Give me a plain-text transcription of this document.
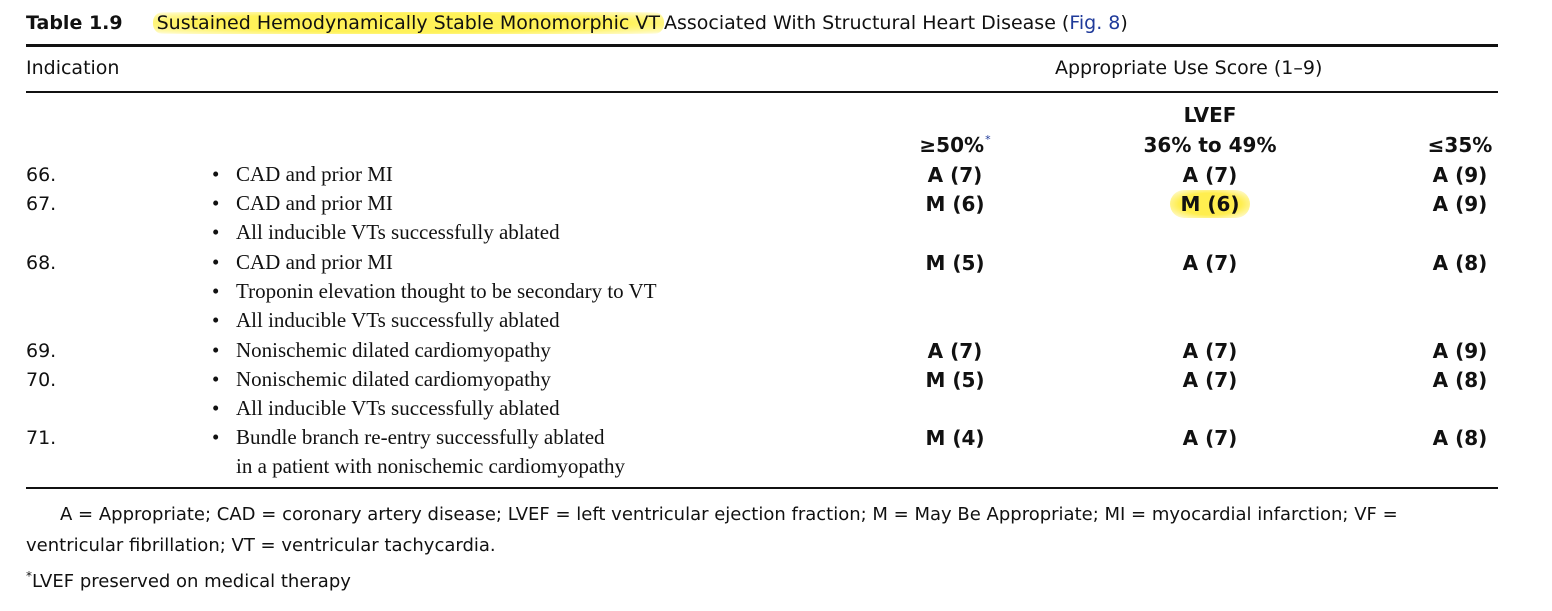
Table 1.9 Sustained Hemodynamically Stable Monomorphic VT Associated With Structural Heart Disease ( Fig. 8 )
Indication	Appropriate Use Score (1–9)
LVEF
≥50%*	36% to 49%	≤35%
66.	• CAD and prior MI	A (7)	A (7)	A (9)
67.	• CAD and prior MI
• All inducible VTs successfully ablated
M (6)	M (6)	A (9)
68.	• CAD and prior MI
• Troponin elevation thought to be secondary to VT
• All inducible VTs successfully ablated
M (5)	A (7)	A (8)
69.	• Nonischemic dilated cardiomyopathy	A (7)	A (7)	A (9)
70.	• Nonischemic dilated cardiomyopathy
• All inducible VTs successfully ablated
M (5)	A (7)	A (8)
71.	• Bundle branch re-entry successfully ablated
in a patient with nonischemic cardiomyopathy
M (4)	A (7)	A (8)
A = Appropriate; CAD = coronary artery disease; LVEF = left ventricular ejection fraction; M = May Be Appropriate; MI = myocardial infarction; VF =
ventricular fibrillation; VT = ventricular tachycardia.
*LVEF preserved on medical therapy
